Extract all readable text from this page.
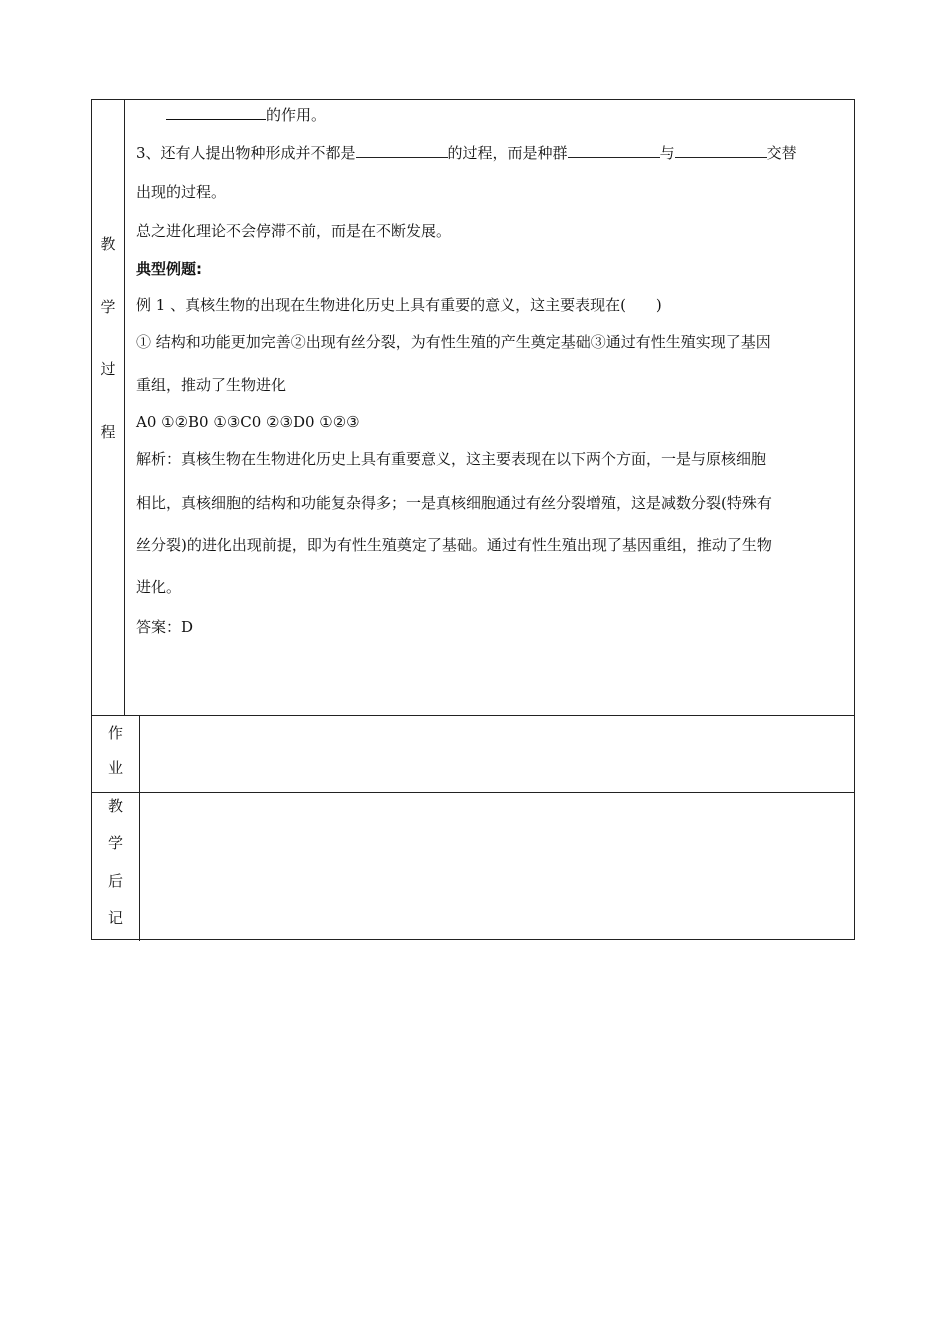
教
学
过
程
的作用。
3、还有人提出物种形成并不都是	的过程，而是种群	与	交替
出现的过程。
总之进化理论不会停滞不前，而是在不断发展。
典型例题:
例 1 、真核生物的出现在生物进化历史上具有重要的意义，这主要表现在(　　)
① 结构和功能更加完善②出现有丝分裂，为有性生殖的产生奠定基础③通过有性生殖实现了基因
重组，推动了生物进化
A0 ①②B0 ①③C0 ②③D0 ①②③
解析：真核生物在生物进化历史上具有重要意义，这主要表现在以下两个方面，一是与原核细胞
相比，真核细胞的结构和功能复杂得多；一是真核细胞通过有丝分裂增殖，这是减数分裂(特殊有
丝分裂)的进化出现前提，即为有性生殖奠定了基础。通过有性生殖出现了基因重组，推动了生物
进化。
答案：D
作
业
教
学
后
记
